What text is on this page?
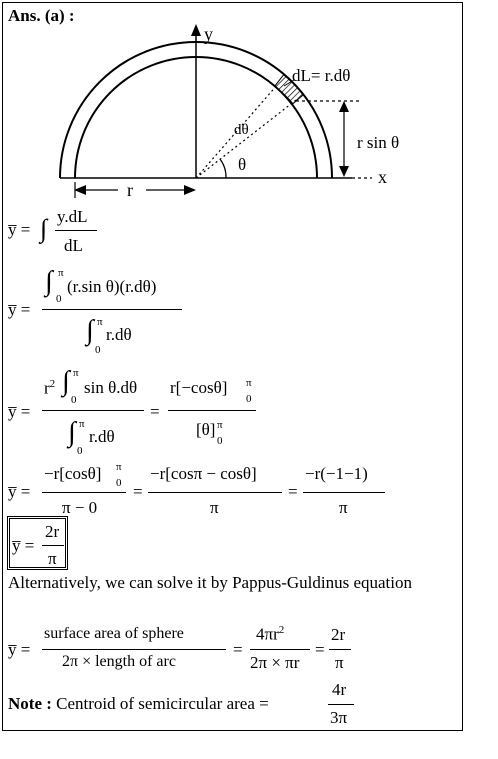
Ans. (a) :
y
x
dL= r.dθ
dθ
θ
r
r sin θ
y̅ = ∫ y.dL
dL
y̅ =
∫ π
0
(r.sin θ)(r.dθ)
∫ π
0
r.dθ
y̅ =
$r^2$ ∫ π
0
sin θ.dθ
∫ π
0
r.dθ
=
r[−cosθ] π
0
[θ] π
0
y̅ =
−r[cosθ] π
0
π − 0
=
−r[cosπ − cosθ]
π
=
−r(−1−1)
π
y̅ =
2r
π
Alternatively, we can solve it by Pappus-Guldinus equation
y̅ =
surface area of sphere
2π × length of arc
=
$4\pi r^2$
2π × πr
=
2r
π
Note : Centroid of semicircular area =
4r
3π
